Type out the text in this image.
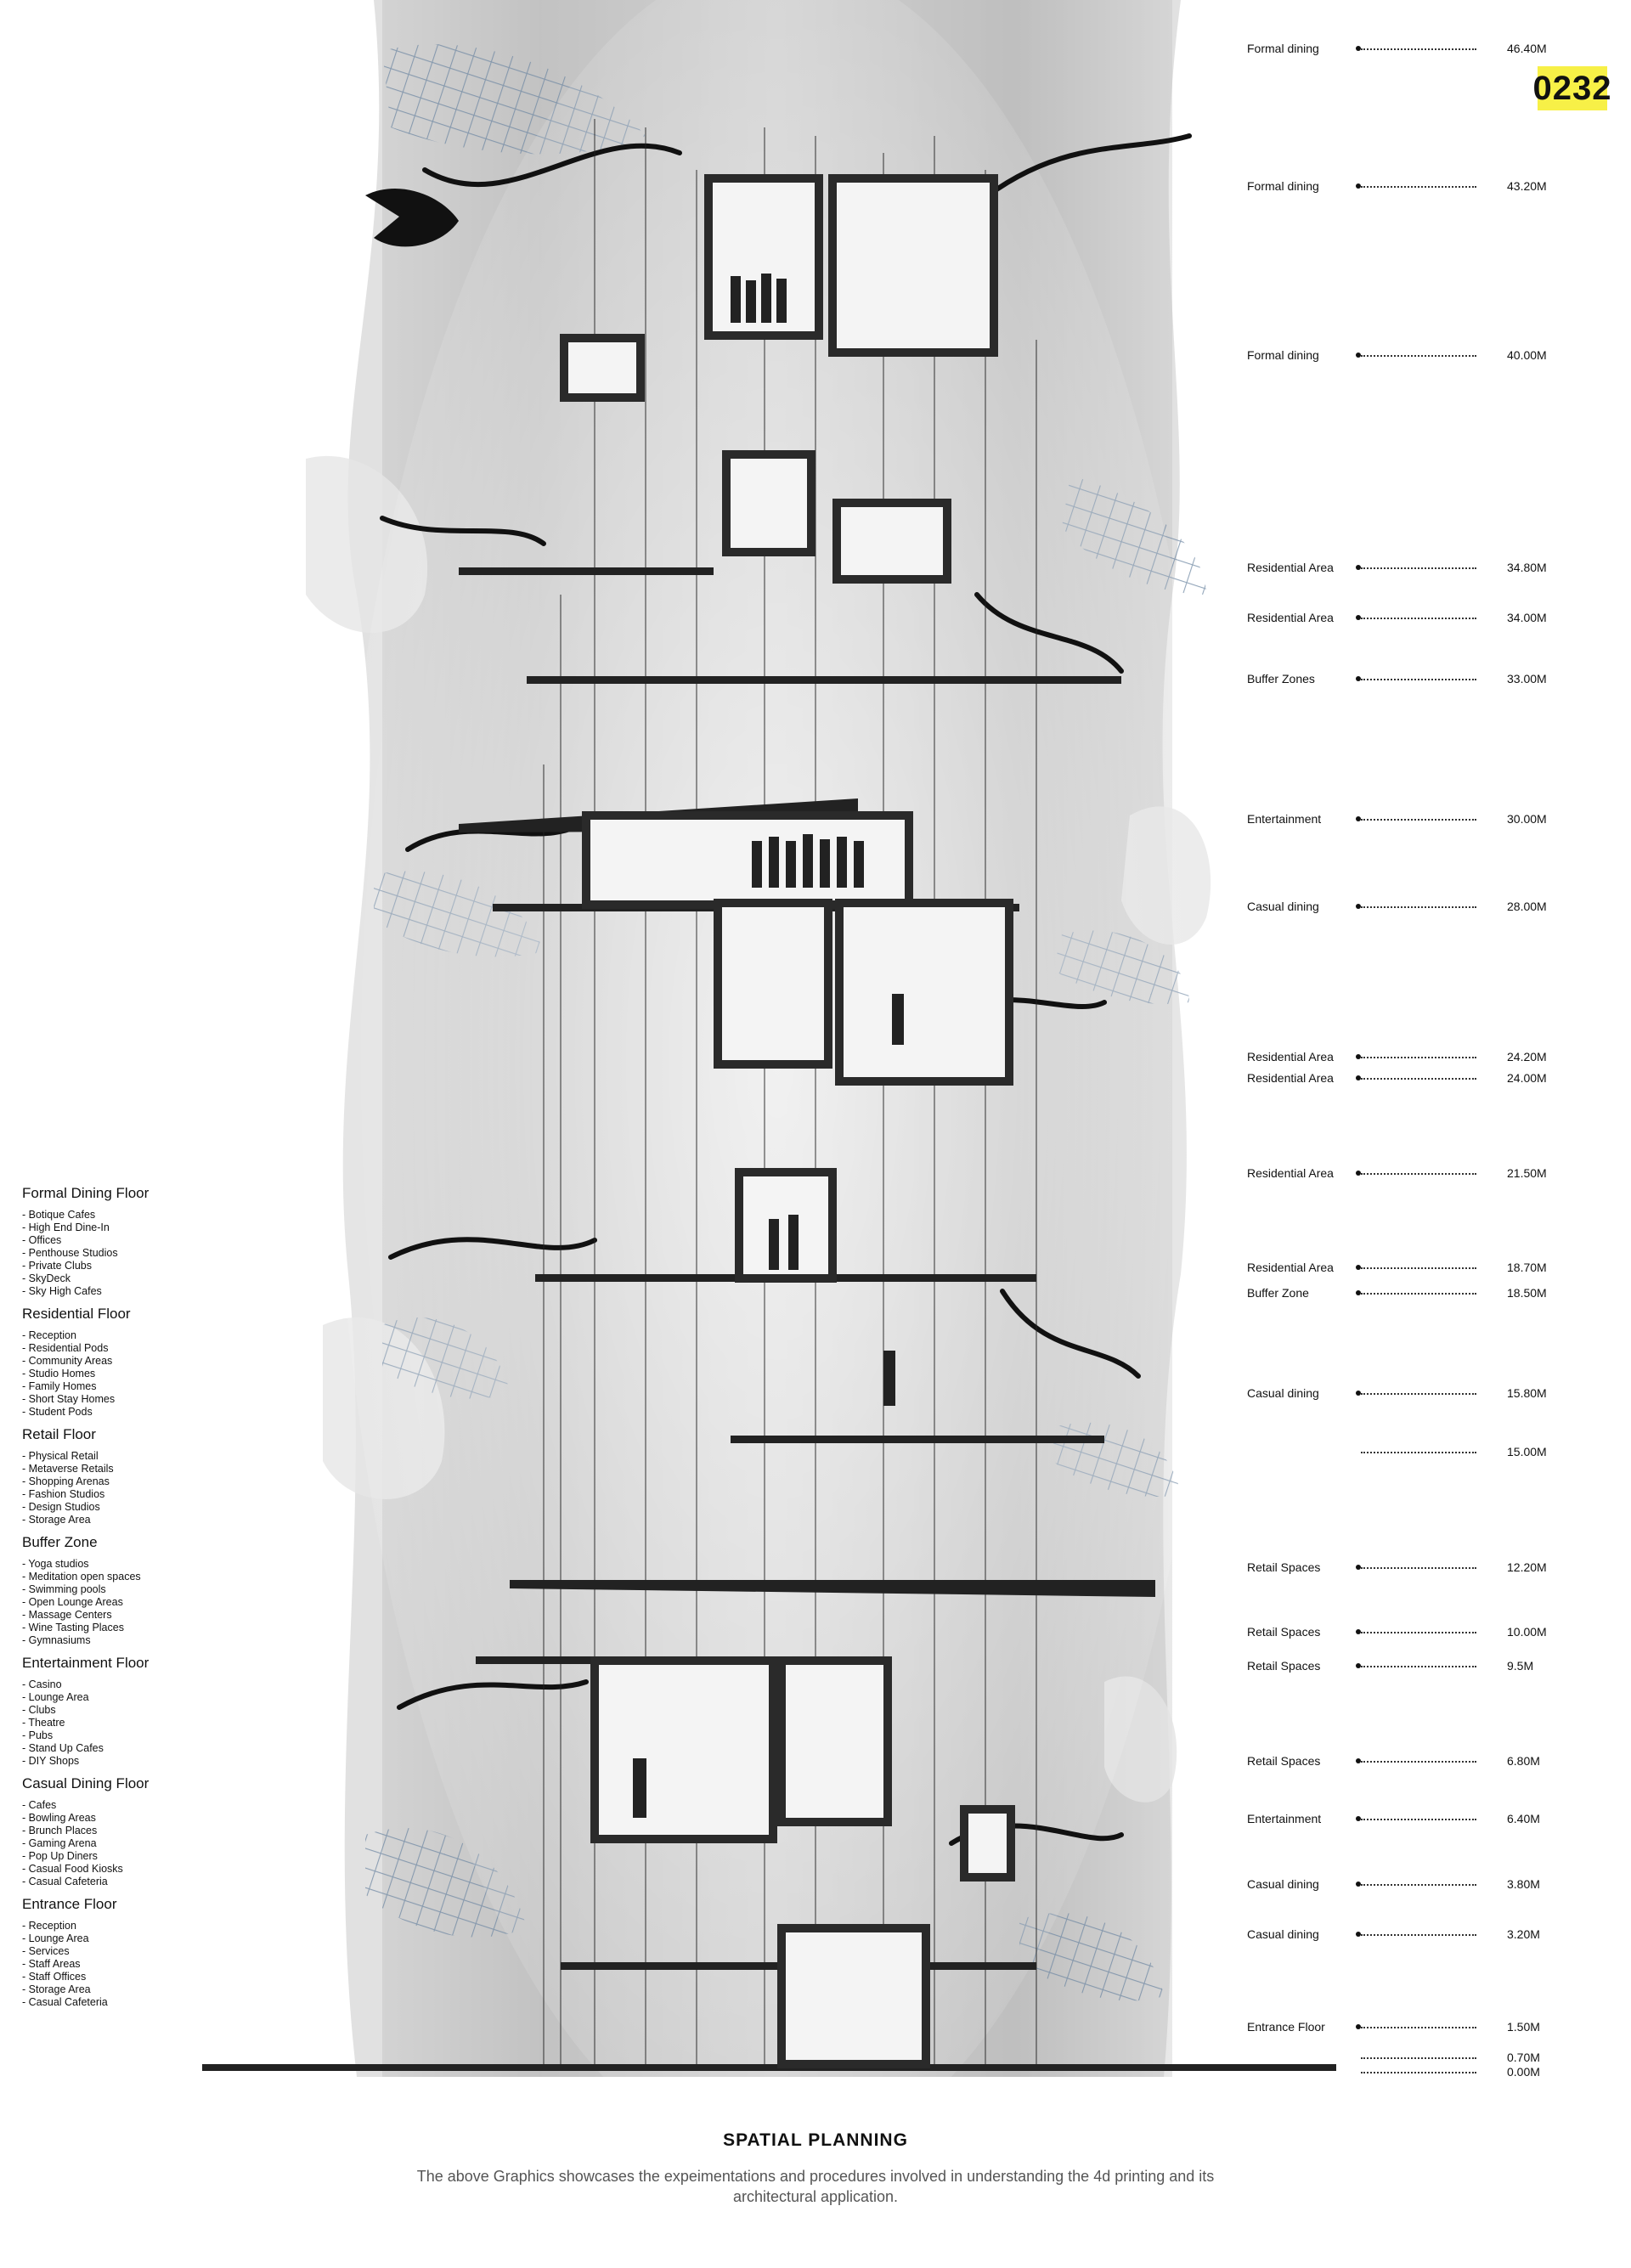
0232
Formal dining	46.40M
Formal dining	43.20M
Formal dining	40.00M
Residential Area	34.80M
Residential Area	34.00M
Buffer Zones	33.00M
Entertainment	30.00M
Casual dining	28.00M
Residential Area	24.20M
Residential Area	24.00M
Residential Area	21.50M
Residential Area	18.70M
Buffer Zone	18.50M
Casual dining	15.80M
15.00M
Retail Spaces	12.20M
Retail Spaces	10.00M
Retail Spaces	9.5M
Retail Spaces	6.80M
Entertainment	6.40M
Casual dining	3.80M
Casual dining	3.20M
Entrance Floor	1.50M
0.70M
0.00M
Formal Dining Floor
- Botique Cafes
- High End Dine-In
- Offices
- Penthouse Studios
- Private Clubs
- SkyDeck
- Sky High Cafes
Residential Floor
- Reception
- Residential Pods
- Community Areas
- Studio Homes
- Family Homes
- Short Stay Homes
- Student Pods
Retail Floor
- Physical Retail
- Metaverse Retails
- Shopping Arenas
- Fashion Studios
- Design Studios
- Storage Area
Buffer Zone
- Yoga studios
- Meditation open spaces
- Swimming pools
- Open Lounge Areas
- Massage Centers
- Wine Tasting Places
- Gymnasiums
Entertainment Floor
- Casino
- Lounge Area
- Clubs
- Theatre
- Pubs
- Stand Up Cafes
- DIY Shops
Casual Dining Floor
- Cafes
- Bowling Areas
- Brunch Places
- Gaming Arena
- Pop Up Diners
- Casual Food Kiosks
- Casual Cafeteria
Entrance Floor
- Reception
- Lounge Area
- Services
- Staff Areas
- Staff Offices
- Storage Area
- Casual Cafeteria
SPATIAL PLANNING
The above Graphics showcases the expeimentations and procedures involved in understanding the 4d printing and its architectural application.
